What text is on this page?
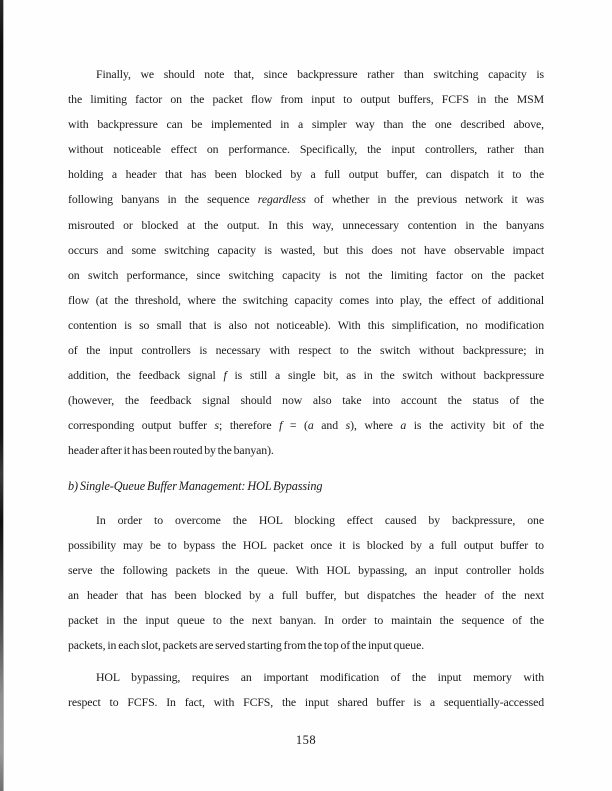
Finally, we should note that, since backpressure rather than switching capacity is
the limiting factor on the packet flow from input to output buffers, FCFS in the MSM
with backpressure can be implemented in a simpler way than the one described above,
without noticeable effect on performance. Specifically, the input controllers, rather than
holding a header that has been blocked by a full output buffer, can dispatch it to the
following banyans in the sequence regardless of whether in the previous network it was
misrouted or blocked at the output. In this way, unnecessary contention in the banyans
occurs and some switching capacity is wasted, but this does not have observable impact
on switch performance, since switching capacity is not the limiting factor on the packet
flow (at the threshold, where the switching capacity comes into play, the effect of additional
contention is so small that is also not noticeable). With this simplification, no modification
of the input controllers is necessary with respect to the switch without backpressure; in
addition, the feedback signal f is still a single bit, as in the switch without backpressure
(however, the feedback signal should now also take into account the status of the
corresponding output buffer s; therefore f = (a and s), where a is the activity bit of the
header after it has been routed by the banyan).
b) Single-Queue Buffer Management: HOL Bypassing
In order to overcome the HOL blocking effect caused by backpressure, one
possibility may be to bypass the HOL packet once it is blocked by a full output buffer to
serve the following packets in the queue. With HOL bypassing, an input controller holds
an header that has been blocked by a full buffer, but dispatches the header of the next
packet in the input queue to the next banyan. In order to maintain the sequence of the
packets, in each slot, packets are served starting from the top of the input queue.
HOL bypassing, requires an important modification of the input memory with
respect to FCFS. In fact, with FCFS, the input shared buffer is a sequentially-accessed
158
